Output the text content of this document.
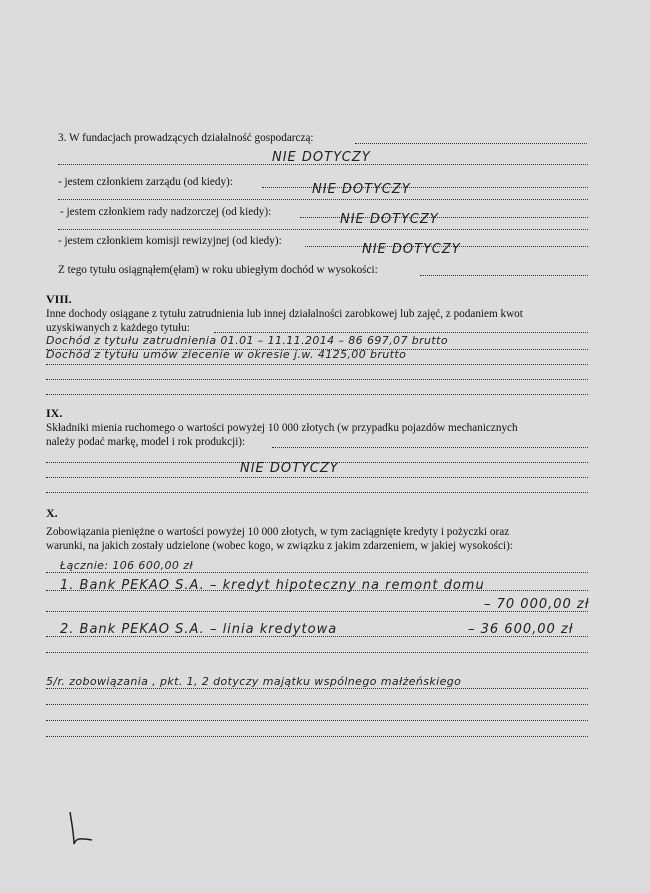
3. W fundacjach prowadzących działalność gospodarczą:
NIE DOTYCZY
- jestem członkiem zarządu (od kiedy):	NIE DOTYCZY
- jestem członkiem rady nadzorczej (od kiedy):	NIE DOTYCZY
- jestem członkiem komisji rewizyjnej (od kiedy):
NIE DOTYCZY
Z tego tytułu osiągnąłem(ęłam) w roku ubiegłym dochód w wysokości:
VIII.
Inne dochody osiągane z tytułu zatrudnienia lub innej działalności zarobkowej lub zajęć, z podaniem kwot
uzyskiwanych z każdego tytułu:
Dochód z tytułu zatrudnienia 01.01 – 11.11.2014 – 86 697,07 brutto
Dochód z tytułu umów zlecenie w okresie j.w. 4125,00 brutto
IX.
Składniki mienia ruchomego o wartości powyżej 10 000 złotych (w przypadku pojazdów mechanicznych
należy podać markę, model i rok produkcji):
NIE DOTYCZY
X.
Zobowiązania pieniężne o wartości powyżej 10 000 złotych, w tym zaciągnięte kredyty i pożyczki oraz
warunki, na jakich zostały udzielone (wobec kogo, w związku z jakim zdarzeniem, w jakiej wysokości):
Łącznie: 106 600,00 zł
1. Bank PEKAO S.A. – kredyt hipoteczny na remont domu
– 70 000,00 zł
2. Bank PEKAO S.A. – linia kredytowa	– 36 600,00 zł
5/r. zobowiązania , pkt. 1, 2 dotyczy majątku wspólnego małżeńskiego
